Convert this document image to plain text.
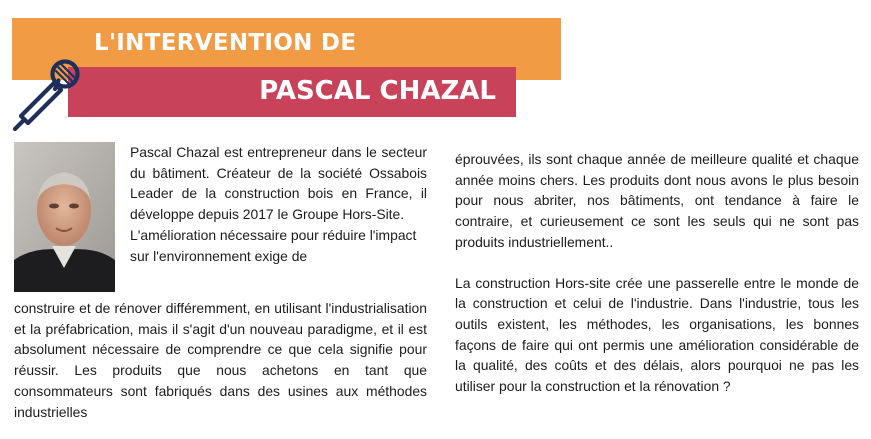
L'INTERVENTION DE
PASCAL CHAZAL

Pascal Chazal est entrepreneur dans le secteur du bâtiment. Créateur de la société Ossabois Leader de la construction bois en France, il développe depuis 2017 le Groupe Hors-Site.

L'amélioration nécessaire pour réduire l'impact sur l'environnement exige de

construire et de rénover différemment, en utilisant l'industrialisation et la préfabrication, mais il s'agit d'un nouveau paradigme, et il est absolument nécessaire de comprendre ce que cela signifie pour réussir. Les produits que nous achetons en tant que consommateurs sont fabriqués dans des usines aux méthodes industrielles

éprouvées, ils sont chaque année de meilleure qualité et chaque année moins chers. Les produits dont nous avons le plus besoin pour nous abriter, nos bâtiments, ont tendance à faire le contraire, et curieusement ce sont les seuls qui ne sont pas produits industriellement..

La construction Hors-site crée une passerelle entre le monde de la construction et celui de l'industrie. Dans l'industrie, tous les outils existent, les méthodes, les organisations, les bonnes façons de faire qui ont permis une amélioration considérable de la qualité, des coûts et des délais, alors pourquoi ne pas les utiliser pour la construction et la rénovation ?
